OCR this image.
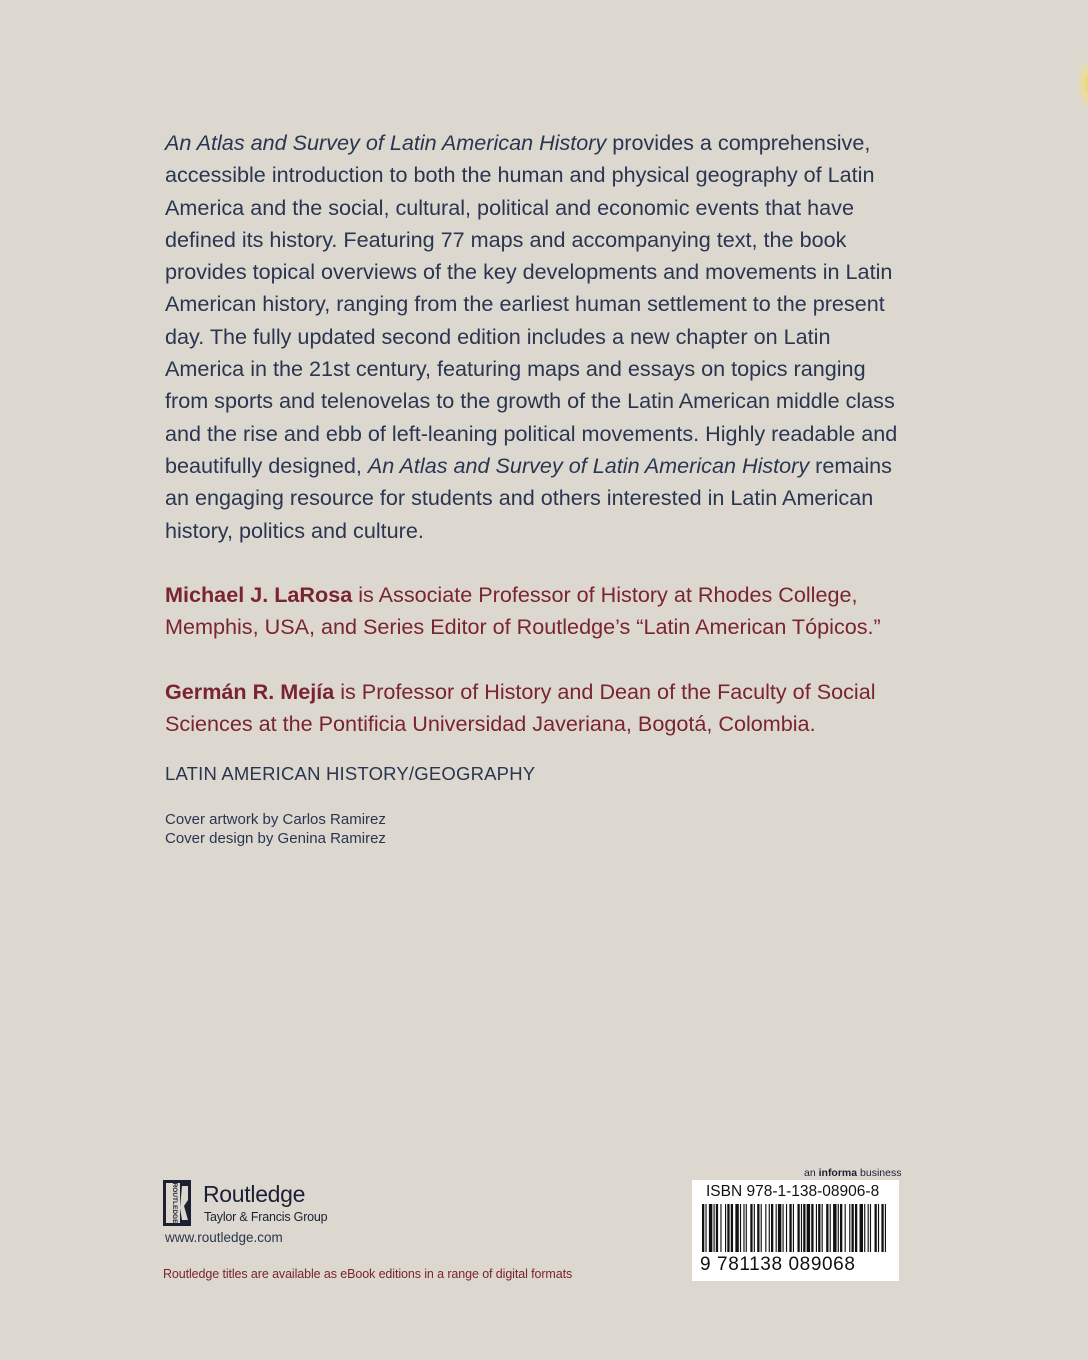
An Atlas and Survey of Latin American History provides a comprehensive, accessible introduction to both the human and physical geography of Latin America and the social, cultural, political and economic events that have defined its history. Featuring 77 maps and accompanying text, the book provides topical overviews of the key developments and movements in Latin American history, ranging from the earliest human settlement to the present day. The fully updated second edition includes a new chapter on Latin America in the 21st century, featuring maps and essays on topics ranging from sports and telenovelas to the growth of the Latin American middle class and the rise and ebb of left-leaning political movements. Highly readable and beautifully designed, An Atlas and Survey of Latin American History remains an engaging resource for students and others interested in Latin American history, politics and culture.

Michael J. LaRosa is Associate Professor of History at Rhodes College, Memphis, USA, and Series Editor of Routledge’s “Latin American Tópicos.”

Germán R. Mejía is Professor of History and Dean of the Faculty of Social Sciences at the Pontificia Universidad Javeriana, Bogotá, Colombia.

LATIN AMERICAN HISTORY/GEOGRAPHY
Cover artwork by Carlos Ramirez
Cover design by Genina Ramirez
ROUTLEDGE Routledge
Taylor & Francis Group
www.routledge.com
Routledge titles are available as eBook editions in a range of digital formats
an informa business
ISBN 978-1-138-08906-8
9 781138 089068
